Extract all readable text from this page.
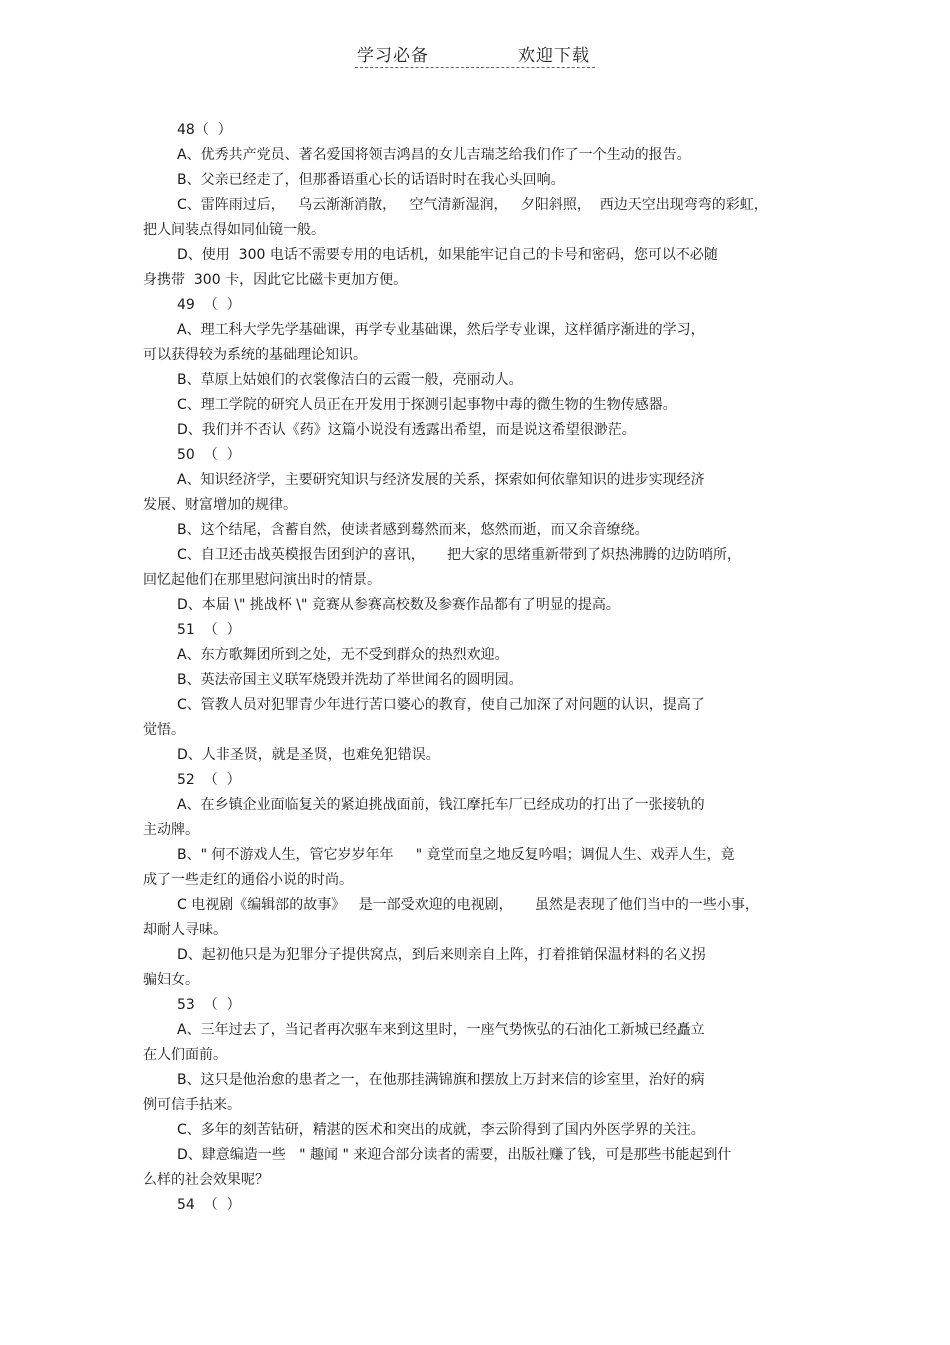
学习必备	欢迎下载
48（  ）
A、优秀共产党员、著名爱国将领吉鸿昌的女儿吉瑞芝给我们作了一个生动的报告。
B、父亲已经走了，但那番语重心长的话语时时在我心头回响。
C、雷阵雨过后，   乌云渐渐消散，   空气清新湿润，   夕阳斜照，  西边天空出现弯弯的彩虹，
把人间装点得如同仙镜一般。
D、使用  300 电话不需要专用的电话机，如果能牢记自己的卡号和密码，您可以不必随
身携带  300 卡，因此它比磁卡更加方便。
49  （  ）
A、理工科大学先学基础课，再学专业基础课，然后学专业课，这样循序渐进的学习，
可以获得较为系统的基础理论知识。
B、草原上姑娘们的衣裳像洁白的云霞一般，亮丽动人。
C、理工学院的研究人员正在开发用于探测引起事物中毒的微生物的生物传感器。
D、我们并不否认《药》这篇小说没有透露出希望，而是说这希望很渺茫。
50  （  ）
A、知识经济学，主要研究知识与经济发展的关系，探索如何依靠知识的进步实现经济
发展、财富增加的规律。
B、这个结尾，含蓄自然，使读者感到蓦然而来，悠然而逝，而又余音缭绕。
C、自卫还击战英模报告团到沪的喜讯，     把大家的思绪重新带到了炽热沸腾的边防哨所，
回忆起他们在那里慰问演出时的情景。
D、本届 \" 挑战杯 \" 竞赛从参赛高校数及参赛作品都有了明显的提高。
51  （  ）
A、东方歌舞团所到之处，无不受到群众的热烈欢迎。
B、英法帝国主义联军烧毁并洗劫了举世闻名的圆明园。
C、管教人员对犯罪青少年进行苦口婆心的教育，使自己加深了对问题的认识，提高了
觉悟。
D、人非圣贤，就是圣贤，也难免犯错误。
52  （  ）
A、在乡镇企业面临复关的紧迫挑战面前，钱江摩托车厂已经成功的打出了一张接轨的
主动牌。
B、" 何不游戏人生，管它岁岁年年     " 竟堂而皇之地反复吟唱；调侃人生、戏弄人生，竟
成了一些走红的通俗小说的时尚。
C 电视剧《编辑部的故事》   是一部受欢迎的电视剧，     虽然是表现了他们当中的一些小事，
却耐人寻味。
D、起初他只是为犯罪分子提供窝点，到后来则亲自上阵，打着推销保温材料的名义拐
骗妇女。
53  （  ）
A、三年过去了，当记者再次驱车来到这里时，一座气势恢弘的石油化工新城已经矗立
在人们面前。
B、这只是他治愈的患者之一，在他那挂满锦旗和摆放上万封来信的诊室里，治好的病
例可信手拈来。
C、多年的刻苦钻研，精湛的医术和突出的成就，李云阶得到了国内外医学界的关注。
D、肆意编造一些   " 趣闻 " 来迎合部分读者的需要，出版社赚了钱，可是那些书能起到什
么样的社会效果呢？
54  （  ）
